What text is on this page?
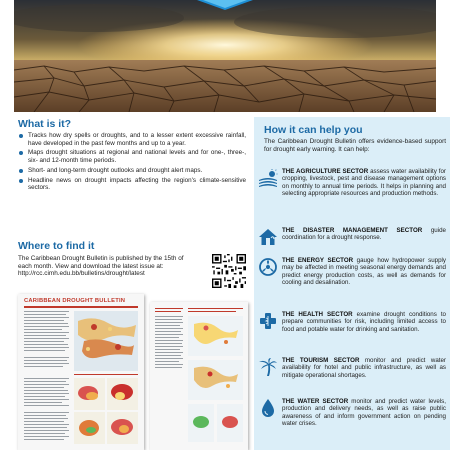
What is it?
Tracks how dry spells or droughts, and to a lesser extent excessive rainfall, have developed in the past few months and up to a year.
Maps drought situations at regional and national levels and for one-, three-, six- and 12-month time periods.
Short- and long-term drought outlooks and drought alert maps.
Headline news on drought impacts affecting the region's climate-sensitive sectors.
Where to find it
The Caribbean Drought Bulletin is published by the 15th of each month. View and download the latest issue at:
http://rcc.cimh.edu.bb/bulletins/drought/latest
CARIBBEAN DROUGHT BULLETIN
How it can help you
The Caribbean Drought Bulletin offers evidence-based support for drought early warning. It can help:
THE AGRICULTURE SECTOR assess water availability for cropping, livestock, pest and disease management options on monthly to annual time periods. It helps in planning and selecting appropriate resources and production methods.
THE DISASTER MANAGEMENT SECTOR guide coordination for a drought response.
THE ENERGY SECTOR gauge how hydropower supply may be affected in meeting seasonal energy demands and predict energy production costs, as well as demands for cooling and desalination.
THE HEALTH SECTOR examine drought conditions to prepare communities for risk, including limited access to food and potable water for drinking and sanitation.
THE TOURISM SECTOR monitor and predict water availability for hotel and public infrastructure, as well as mitigate operational shortages.
THE WATER SECTOR monitor and predict water levels, production and delivery needs, as well as raise public awareness of and inform government action on pending water crises.
